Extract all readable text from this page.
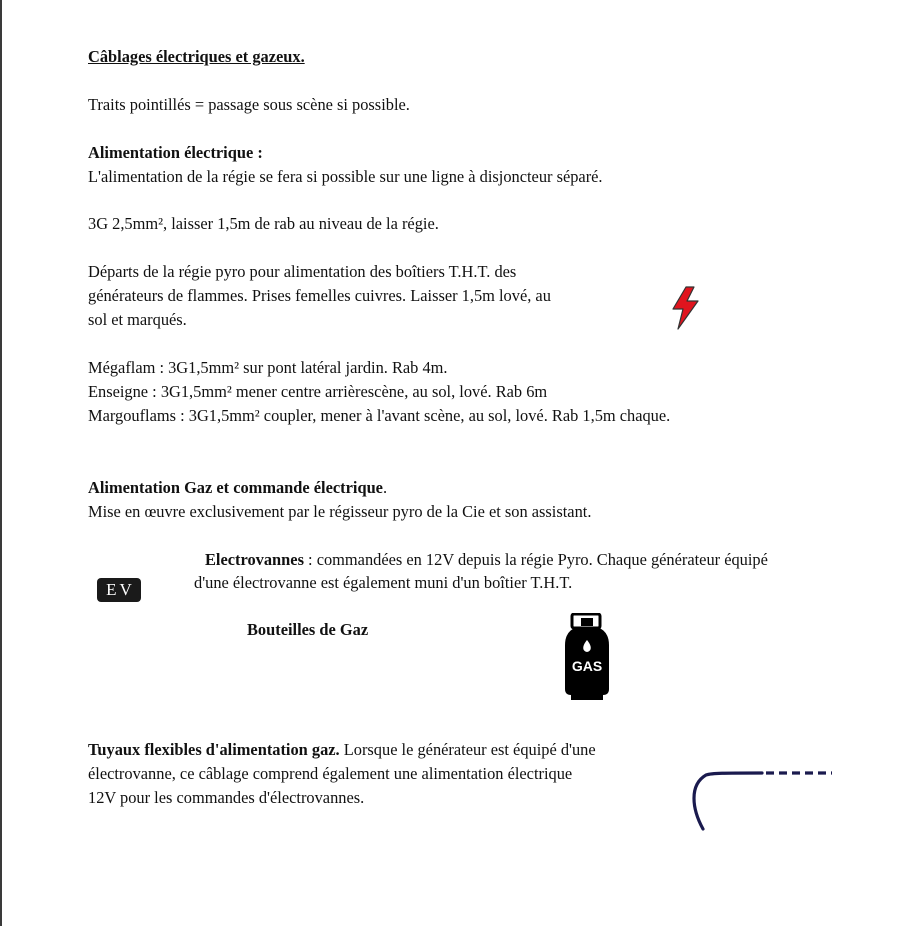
Câblages électriques et gazeux.
Traits pointillés = passage sous scène si possible.
Alimentation électrique :
L'alimentation de la régie se fera si possible sur une ligne à disjoncteur séparé.
3G 2,5mm², laisser 1,5m de rab au niveau de la régie.
Départs de la régie pyro pour alimentation des boîtiers T.H.T. des
générateurs de flammes. Prises femelles cuivres. Laisser 1,5m lové, au
sol et marqués.
Mégaflam : 3G1,5mm² sur pont latéral jardin. Rab 4m.
Enseigne : 3G1,5mm² mener centre arrièrescène, au sol, lové. Rab 6m
Margouflams : 3G1,5mm² coupler, mener à l'avant scène, au sol, lové. Rab 1,5m chaque.
Alimentation Gaz et commande électrique.
Mise en œuvre exclusivement par le régisseur pyro de la Cie et son assistant.
EV
Electrovannes : commandées en 12V depuis la régie Pyro. Chaque générateur équipé
d'une électrovanne est également muni d'un boîtier T.H.T.
Bouteilles de Gaz
GAS
Tuyaux flexibles d'alimentation gaz. Lorsque le générateur est équipé d'une
électrovanne, ce câblage comprend également une alimentation électrique
12V pour les commandes d'électrovannes.
